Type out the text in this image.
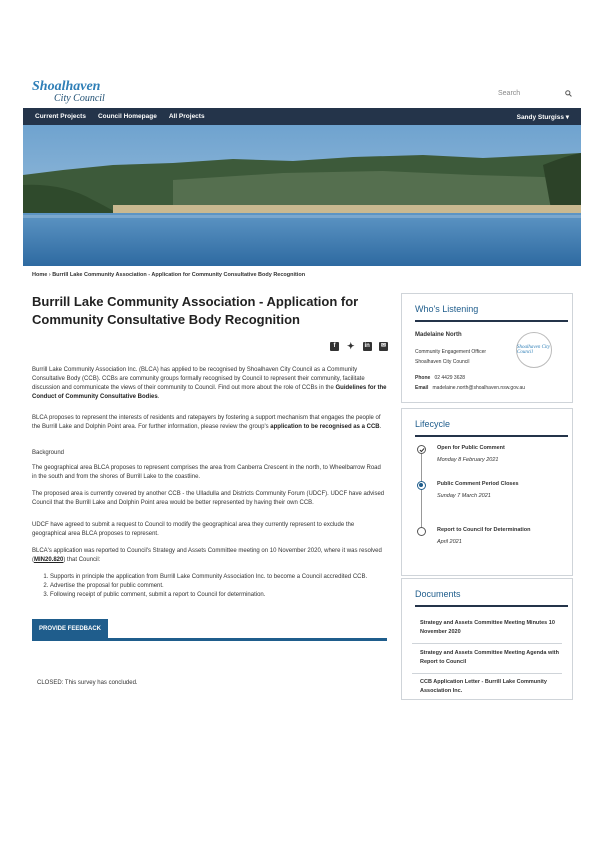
Shoalhaven
City Council	Search
Current Projects Council Homepage All Projects	Sandy Sturgiss ▾
Home › Burrill Lake Community Association - Application for Community Consultative Body Recognition
Burrill Lake Community Association - Application for Community Consultative Body Recognition
f	✦	in	✉
Burrill Lake Community Association Inc. (BLCA) has applied to be recognised by Shoalhaven City Council as a Community Consultative Body (CCB). CCBs are community groups formally recognised by Council to represent their community, facilitate discussion and communicate the views of their community to Council. Find out more about the role of CCBs in the Guidelines for the Conduct of Community Consultative Bodies.
BLCA proposes to represent the interests of residents and ratepayers by fostering a support mechanism that engages the people of the Burrill Lake and Dolphin Point area. For further information, please review the group's application to be recognised as a CCB.
Background
The geographical area BLCA proposes to represent comprises the area from Canberra Crescent in the north, to Wheelbarrow Road in the south and from the shores of Burrill Lake to the coastline.
The proposed area is currently covered by another CCB - the Ulladulla and Districts Community Forum (UDCF). UDCF have advised Council that the Burrill Lake and Dolphin Point area would be better represented by having their own CCB.
UDCF have agreed to submit a request to Council to modify the geographical area they currently represent to exclude the geographical area BLCA proposes to represent.
BLCA's application was reported to Council's Strategy and Assets Committee meeting on 10 November 2020, where it was resolved (MIN20.820) that Council:
1. Supports in principle the application from Burrill Lake Community Association Inc. to become a Council accredited CCB.
2. Advertise the proposal for public comment.
3. Following receipt of public comment, submit a report to Council for determination.
PROVIDE FEEDBACK
CLOSED: This survey has concluded.
Who's Listening
Madelaine North
Community Engagement Officer
Shoalhaven City Council
Shoalhaven City Council
Phone 02 4429 3628
Email madelaine.north@shoalhaven.nsw.gov.au
Lifecycle
Open for Public Comment
Monday 8 February 2021
Public Comment Period Closes
Sunday 7 March 2021
Report to Council for Determination
April 2021
Documents
Strategy and Assets Committee Meeting Minutes 10 November 2020
Strategy and Assets Committee Meeting Agenda with Report to Council
CCB Application Letter - Burrill Lake Community Association Inc.
